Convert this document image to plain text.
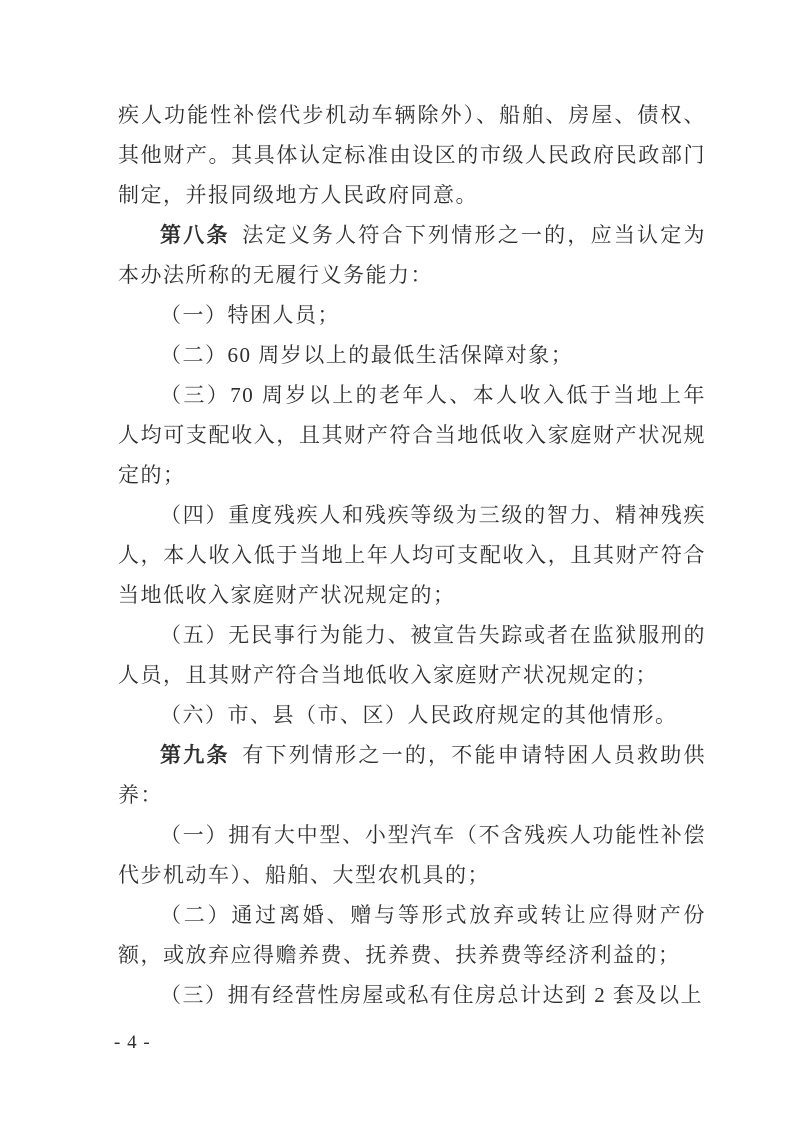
疾人功能性补偿代步机动车辆除外）、船舶、房屋、债权、其他财产。其具体认定标准由设区的市级人民政府民政部门制定，并报同级地方人民政府同意。

第八条 法定义务人符合下列情形之一的，应当认定为本办法所称的无履行义务能力：

（一）特困人员；

（二）60 周岁以上的最低生活保障对象；

（三）70 周岁以上的老年人、本人收入低于当地上年人均可支配收入，且其财产符合当地低收入家庭财产状况规定的；

（四）重度残疾人和残疾等级为三级的智力、精神残疾人，本人收入低于当地上年人均可支配收入，且其财产符合当地低收入家庭财产状况规定的；

（五）无民事行为能力、被宣告失踪或者在监狱服刑的人员，且其财产符合当地低收入家庭财产状况规定的；

（六）市、县（市、区）人民政府规定的其他情形。

第九条 有下列情形之一的，不能申请特困人员救助供养：

（一）拥有大中型、小型汽车（不含残疾人功能性补偿代步机动车）、船舶、大型农机具的；

（二）通过离婚、赠与等形式放弃或转让应得财产份额，或放弃应得赡养费、抚养费、扶养费等经济利益的；

（三）拥有经营性房屋或私有住房总计达到 2 套及以上

- 4 -
